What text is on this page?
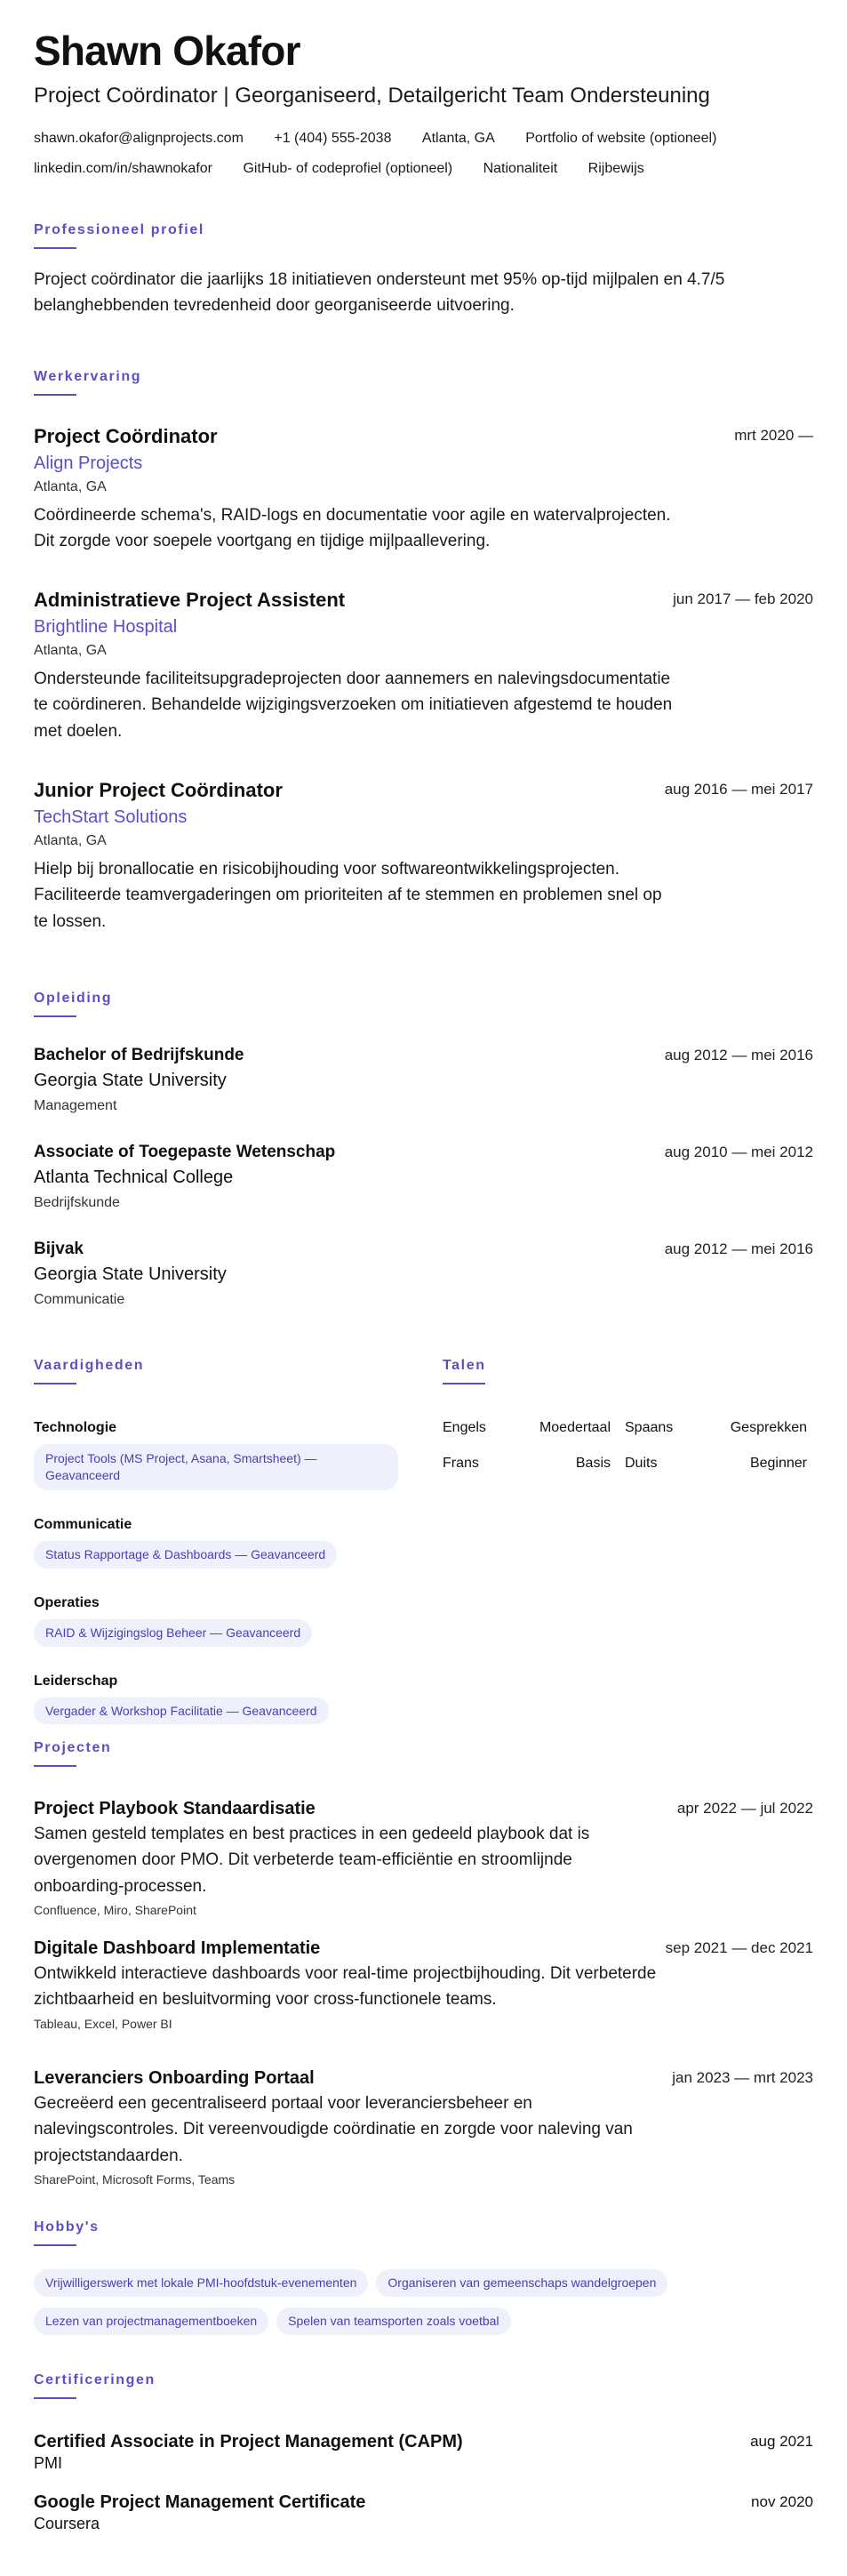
Shawn Okafor
Project Coördinator | Georganiseerd, Detailgericht Team Ondersteuning
shawn.okafor@alignprojects.com +1 (404) 555-2038 Atlanta, GA Portfolio of website (optioneel)
linkedin.com/in/shawnokafor GitHub- of codeprofiel (optioneel) Nationaliteit Rijbewijs
Professioneel profiel
Project coördinator die jaarlijks 18 initiatieven ondersteunt met 95% op-tijd mijlpalen en 4.7/5 belanghebbenden tevredenheid door georganiseerde uitvoering.
Werkervaring
Project Coördinator	mrt 2020 —
Align Projects
Atlanta, GA
Coördineerde schema's, RAID-logs en documentatie voor agile en watervalprojecten. Dit zorgde voor soepele voortgang en tijdige mijlpaallevering.
Administratieve Project Assistent	jun 2017 — feb 2020
Brightline Hospital
Atlanta, GA
Ondersteunde faciliteitsupgradeprojecten door aannemers en nalevingsdocumentatie te coördineren. Behandelde wijzigingsverzoeken om initiatieven afgestemd te houden met doelen.
Junior Project Coördinator	aug 2016 — mei 2017
TechStart Solutions
Atlanta, GA
Hielp bij bronallocatie en risicobijhouding voor softwareontwikkelingsprojecten. Faciliteerde teamvergaderingen om prioriteiten af te stemmen en problemen snel op te lossen.
Opleiding
Bachelor of Bedrijfskunde	aug 2012 — mei 2016
Georgia State University
Management
Associate of Toegepaste Wetenschap	aug 2010 — mei 2012
Atlanta Technical College
Bedrijfskunde
Bijvak	aug 2012 — mei 2016
Georgia State University
Communicatie
Vaardigheden
Technologie
Project Tools (MS Project, Asana, Smartsheet) — Geavanceerd
Communicatie
Status Rapportage & Dashboards — Geavanceerd
Operaties
RAID & Wijzigingslog Beheer — Geavanceerd
Leiderschap
Vergader & Workshop Facilitatie — Geavanceerd
Talen
Engels	Moedertaal Spaans	Gesprekken
Frans	Basis Duits	Beginner
Projecten
Project Playbook Standaardisatie	apr 2022 — jul 2022
Samen gesteld templates en best practices in een gedeeld playbook dat is overgenomen door PMO. Dit verbeterde team-efficiëntie en stroomlijnde onboarding-processen.
Confluence, Miro, SharePoint
Digitale Dashboard Implementatie	sep 2021 — dec 2021
Ontwikkeld interactieve dashboards voor real-time projectbijhouding. Dit verbeterde zichtbaarheid en besluitvorming voor cross-functionele teams.
Tableau, Excel, Power BI
Leveranciers Onboarding Portaal	jan 2023 — mrt 2023
Gecreëerd een gecentraliseerd portaal voor leveranciersbeheer en nalevingscontroles. Dit vereenvoudigde coördinatie en zorgde voor naleving van projectstandaarden.
SharePoint, Microsoft Forms, Teams
Hobby's
Vrijwilligerswerk met lokale PMI-hoofdstuk-evenementen	Organiseren van gemeenschaps wandelgroepen
Lezen van projectmanagementboeken	Spelen van teamsporten zoals voetbal
Certificeringen
Certified Associate in Project Management (CAPM)	aug 2021
PMI
Google Project Management Certificate	nov 2020
Coursera
